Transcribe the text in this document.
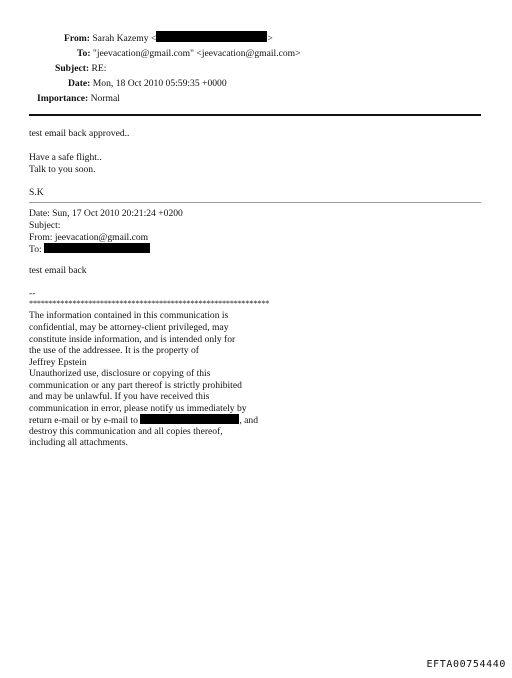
From: Sarah Kazemy <	>
To: "jeevacation@gmail.com" <jeevacation@gmail.com>
Subject: RE:
Date: Mon, 18 Oct 2010 05:59:35 +0000
Importance: Normal
test email back approved..
Have a safe flight..
Talk to you soon.
S.K
Date: Sun, 17 Oct 2010 20:21:24 +0200
Subject:
From: jeevacation@gmail.com
To:
test email back
--
*************************************************************
The information contained in this communication is
confidential, may be attorney-client privileged, may
constitute inside information, and is intended only for
the use of the addressee. It is the property of
Jeffrey Epstein
Unauthorized use, disclosure or copying of this
communication or any part thereof is strictly prohibited
and may be unlawful. If you have received this
communication in error, please notify us immediately by
return e-mail or by e-mail to	, and
destroy this communication and all copies thereof,
including all attachments.
EFTA00754440
